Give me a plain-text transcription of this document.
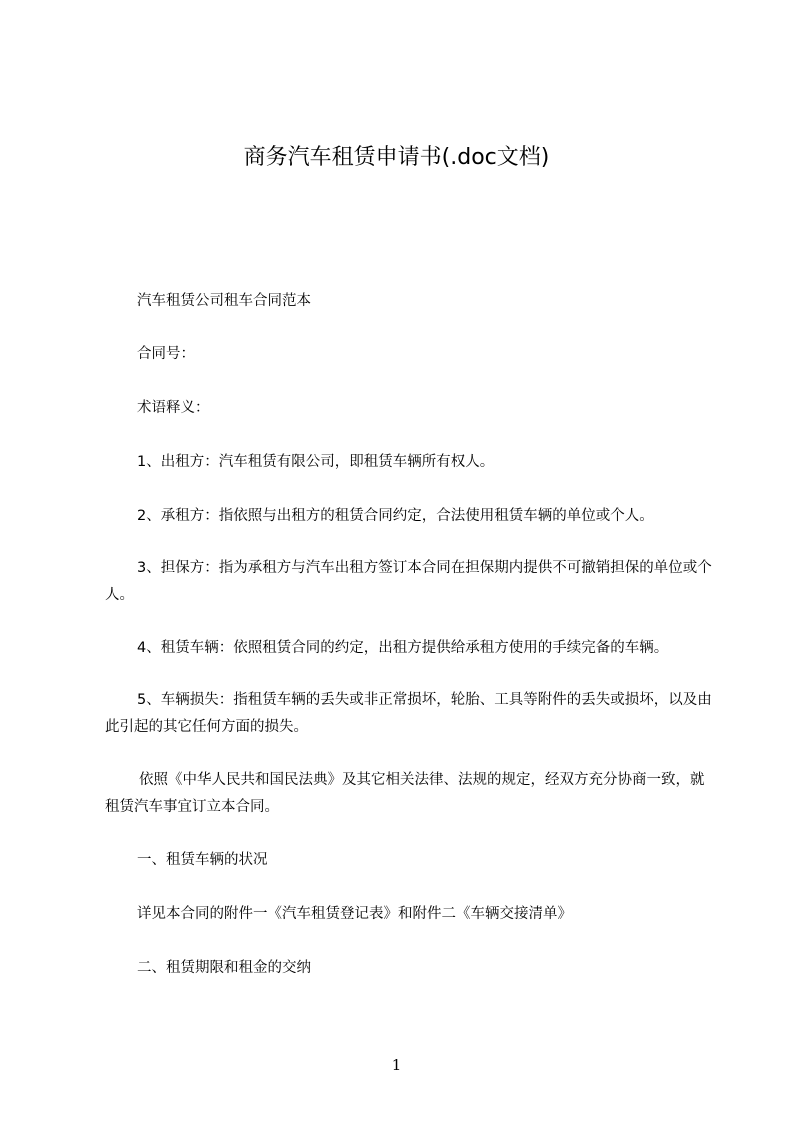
商务汽车租赁申请书(.doc文档)
汽车租赁公司租车合同范本
合同号：
术语释义：
1、出租方：汽车租赁有限公司，即租赁车辆所有权人。
2、承租方：指依照与出租方的租赁合同约定，合法使用租赁车辆的单位或个人。
3、担保方：指为承租方与汽车出租方签订本合同在担保期内提供不可撤销担保的单位或个人。
4、租赁车辆：依照租赁合同的约定，出租方提供给承租方使用的手续完备的车辆。
5、车辆损失：指租赁车辆的丢失或非正常损坏，轮胎、工具等附件的丢失或损坏，以及由此引起的其它任何方面的损失。
依照《中华人民共和国民法典》及其它相关法律、法规的规定，经双方充分协商一致，就租赁汽车事宜订立本合同。
一、租赁车辆的状况
详见本合同的附件一《汽车租赁登记表》和附件二《车辆交接清单》
二、租赁期限和租金的交纳
1
